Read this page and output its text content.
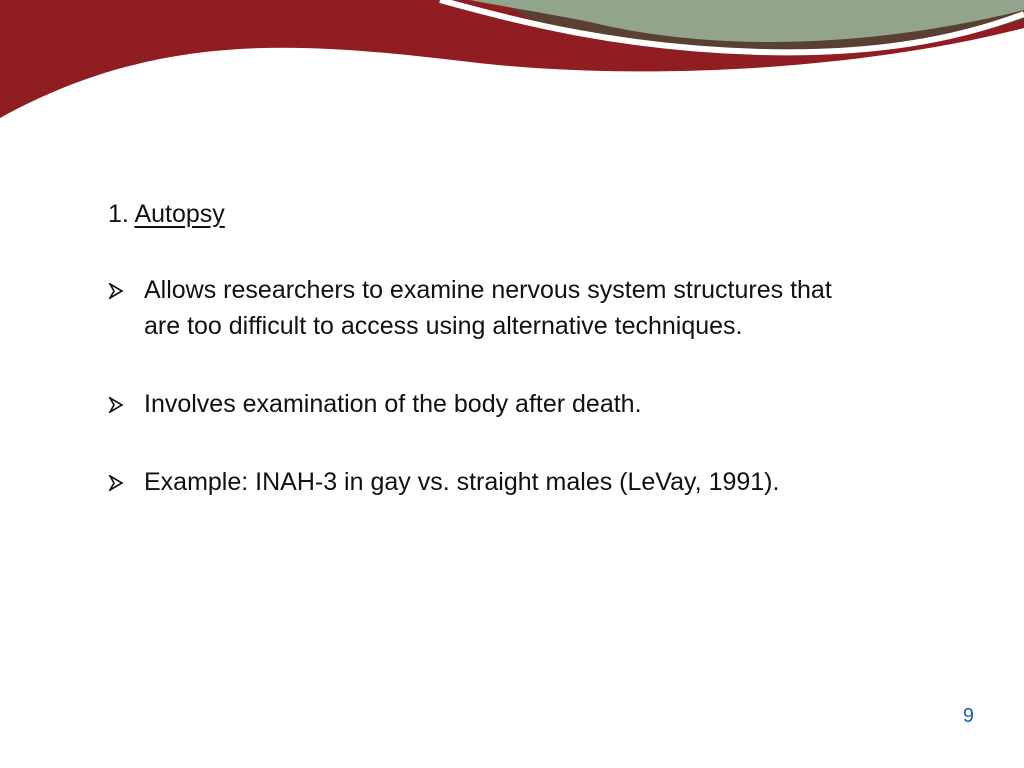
1. Autopsy
Allows researchers to examine nervous system structures that are too difficult to access using alternative techniques.
Involves examination of the body after death.
Example: INAH-3 in gay vs. straight males (LeVay, 1991).
9
